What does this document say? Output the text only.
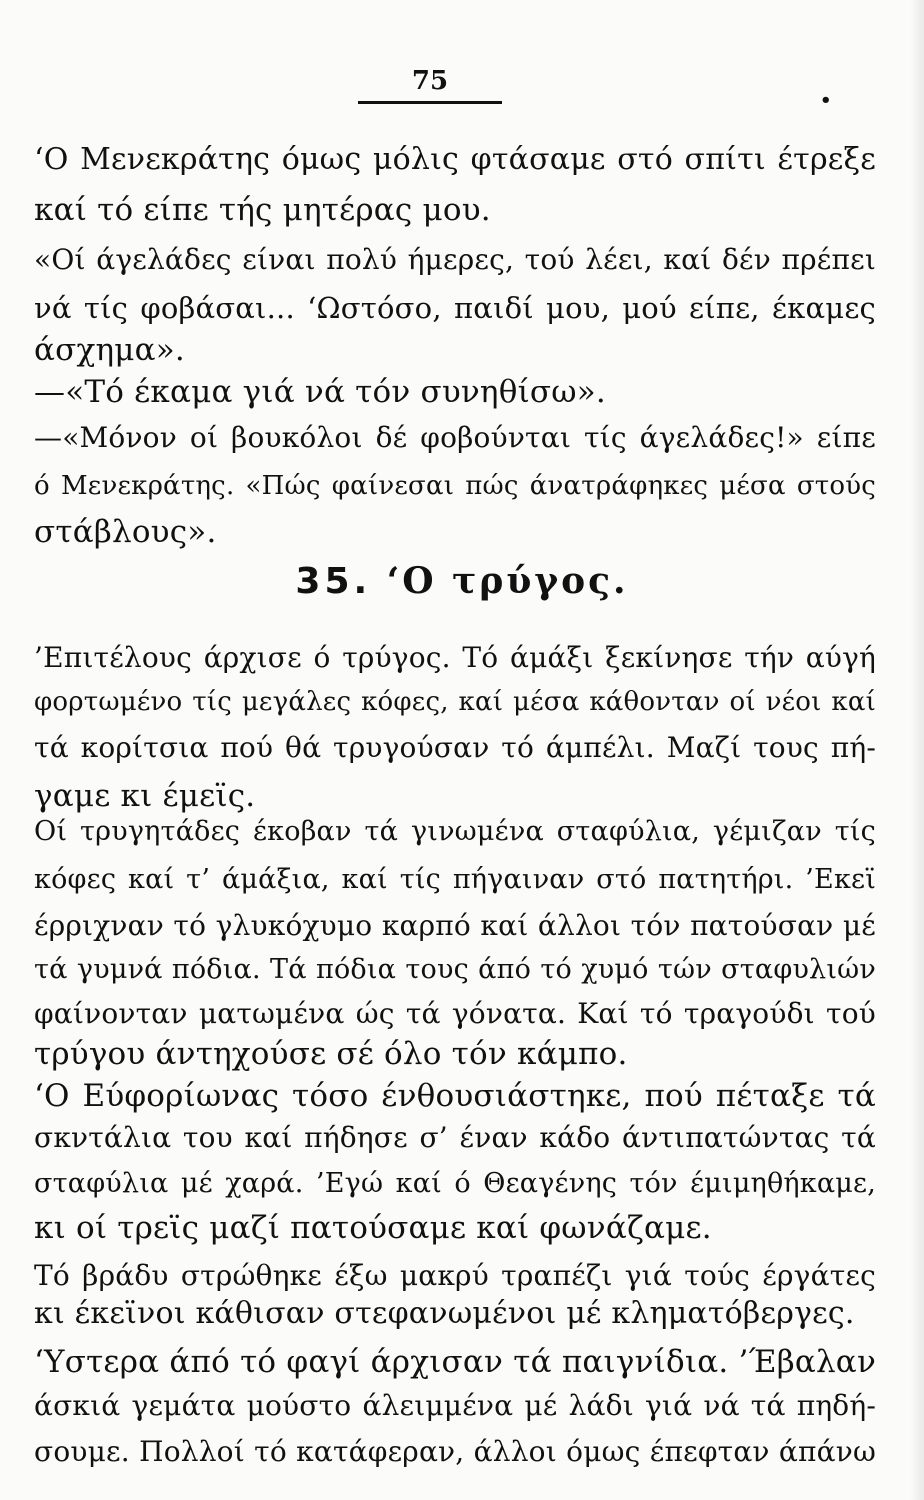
75
•
‘Ο Μενεκράτης όμως μόλις φτάσαμε στό σπίτι έτρεξε
καί τό είπε τής μητέρας μου.
«Οί άγελάδες είναι πολύ ήμερες, τού λέει, καί δέν πρέπει
νά τίς φοβάσαι... ‘Ωστόσο, παιδί μου, μού είπε, έκαμες
άσχημα».
—«Τό έκαμα γιά νά τόν συνηθίσω».
—«Μόνον οί βουκόλοι δέ φοβούνται τίς άγελάδες!» είπε
ό Μενεκράτης. «Πώς φαίνεσαι πώς άνατράφηκες μέσα στούς
στάβλους».
35. ‘Ο τρύγος.
’Επιτέλους άρχισε ό τρύγος. Τό άμάξι ξεκίνησε τήν αύγή
φορτωμένο τίς μεγάλες κόφες, καί μέσα κάθονταν οί νέοι καί
τά κορίτσια πού θά τρυγούσαν τό άμπέλι. Μαζί τους πή-
γαμε κι έμεϊς.
Οί τρυγητάδες έκοβαν τά γινωμένα σταφύλια, γέμιζαν τίς
κόφες καί τ’ άμάξια, καί τίς πήγαιναν στό πατητήρι. ’Εκεϊ
έρριχναν τό γλυκόχυμο καρπό καί άλλοι τόν πατούσαν μέ
τά γυμνά πόδια. Τά πόδια τους άπό τό χυμό τών σταφυλιών
φαίνονταν ματωμένα ώς τά γόνατα. Καί τό τραγούδι τού
τρύγου άντηχούσε σέ όλο τόν κάμπο.
‘Ο Εύφορίωνας τόσο ένθουσιάστηκε, πού πέταξε τά
σκντάλια του καί πήδησε σ’ έναν κάδο άντιπατώντας τά
σταφύλια μέ χαρά. ’Εγώ καί ό Θεαγένης τόν έμιμηθήκαμε,
κι οί τρεϊς μαζί πατούσαμε καί φωνάζαμε.
Τό βράδυ στρώθηκε έξω μακρύ τραπέζι γιά τούς έργάτες
κι έκεϊνοι κάθισαν στεφανωμένοι μέ κληματόβεργες.
‘Υστερα άπό τό φαγί άρχισαν τά παιγνίδια. ’Έβαλαν
άσκιά γεμάτα μούστο άλειμμένα μέ λάδι γιά νά τά πηδή-
σουμε. Πολλοί τό κατάφεραν, άλλοι όμως έπεφταν άπάνω
